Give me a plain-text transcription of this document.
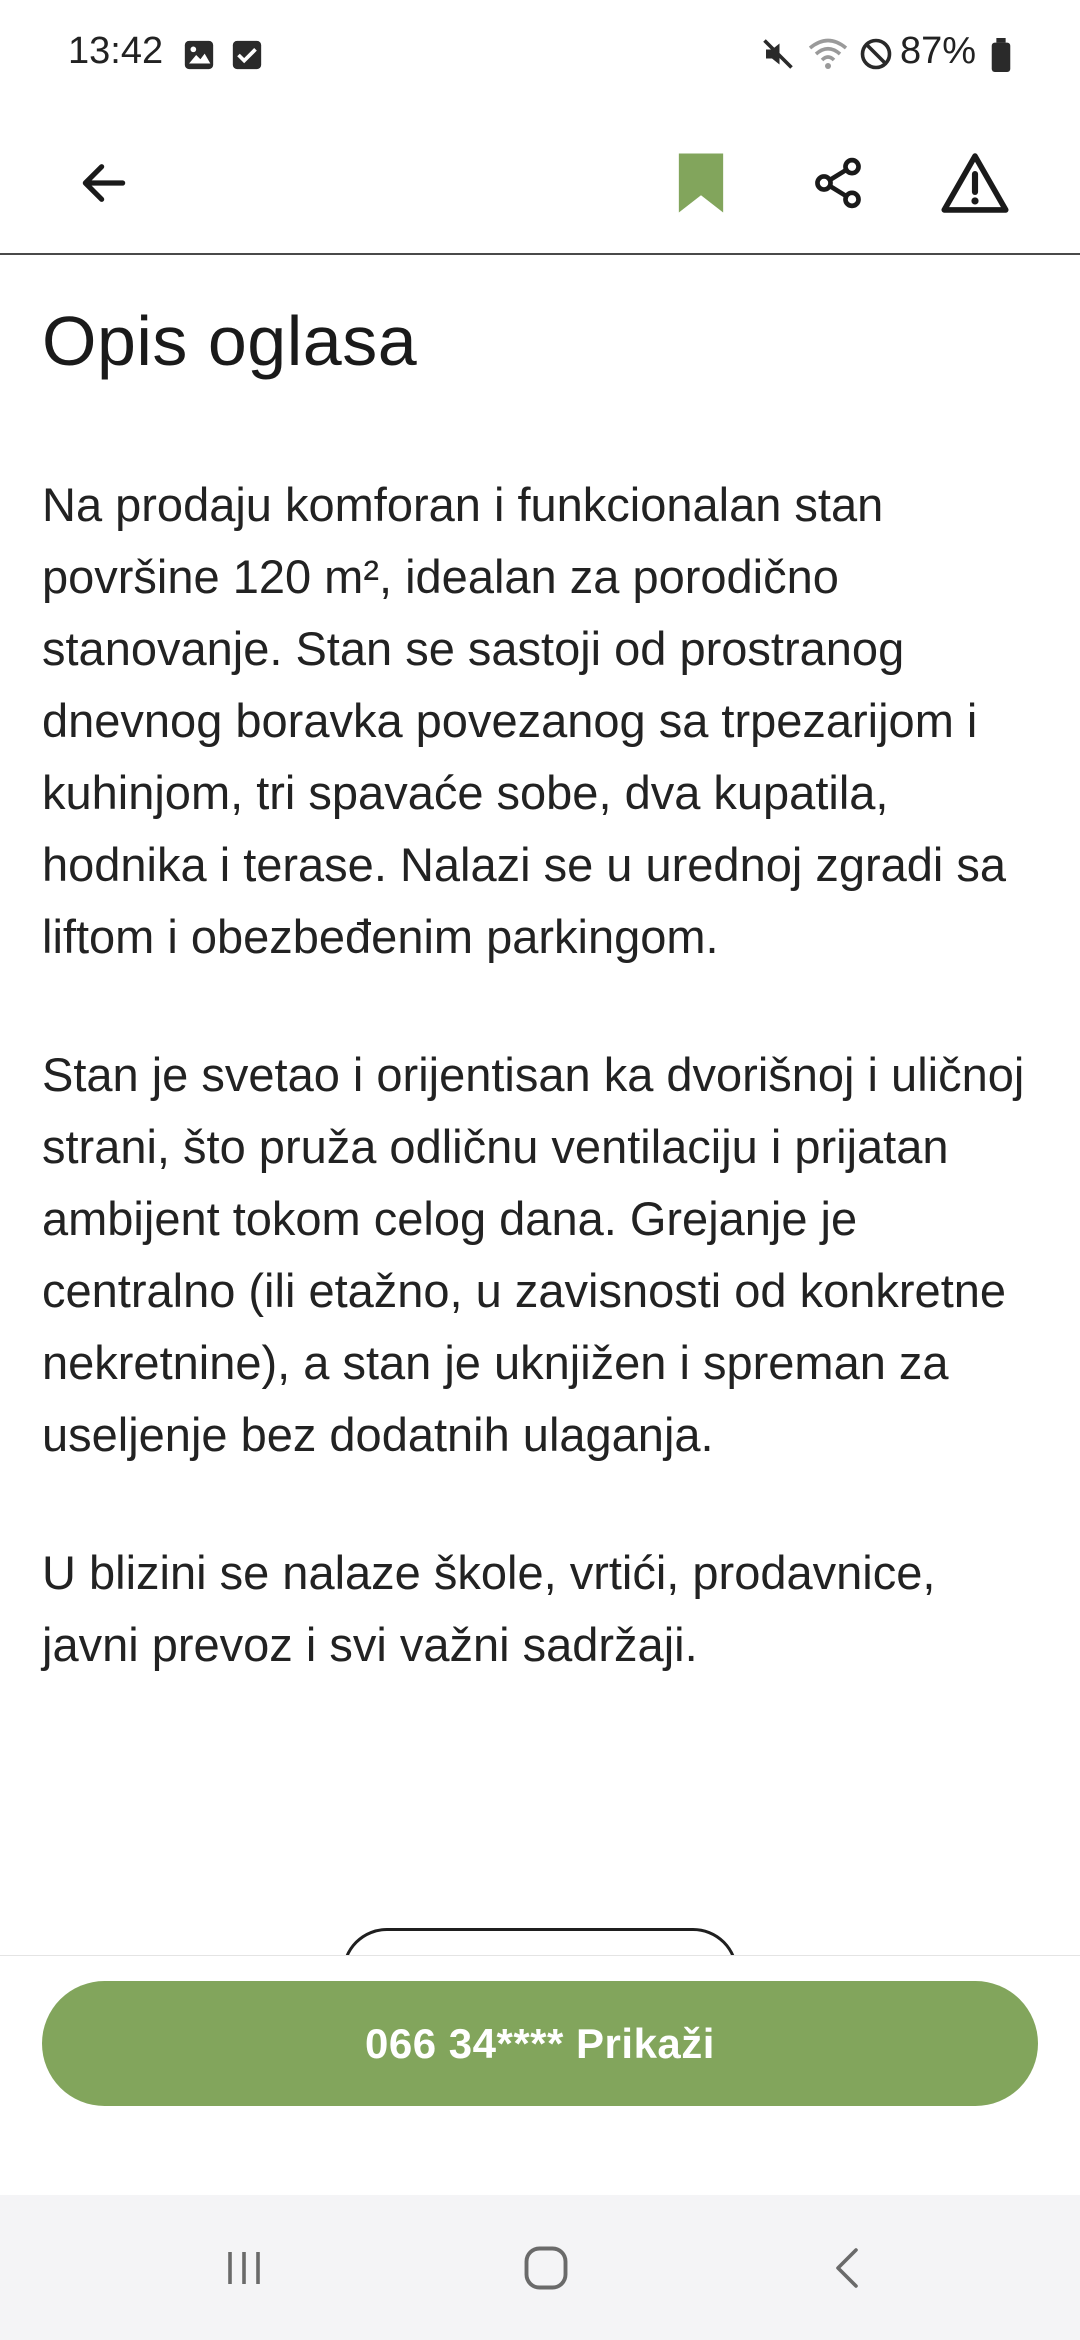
13:42	87%
Opis oglasa

Na prodaju komforan i funkcionalan stan površine 120 m², idealan za porodično stanovanje. Stan se sastoji od prostranog dnevnog boravka povezanog sa trpezarijom i kuhinjom, tri spavaće sobe, dva kupatila, hodnika i terase. Nalazi se u urednoj zgradi sa liftom i obezbeđenim parkingom.

Stan je svetao i orijentisan ka dvorišnoj i uličnoj strani, što pruža odličnu ventilaciju i prijatan ambijent tokom celog dana. Grejanje je centralno (ili etažno, u zavisnosti od konkretne nekretnine), a stan je uknjižen i spreman za useljenje bez dodatnih ulaganja.

U blizini se nalaze škole, vrtići, prodavnice, javni prevoz i svi važni sadržaji.

066 34**** Prikaži
